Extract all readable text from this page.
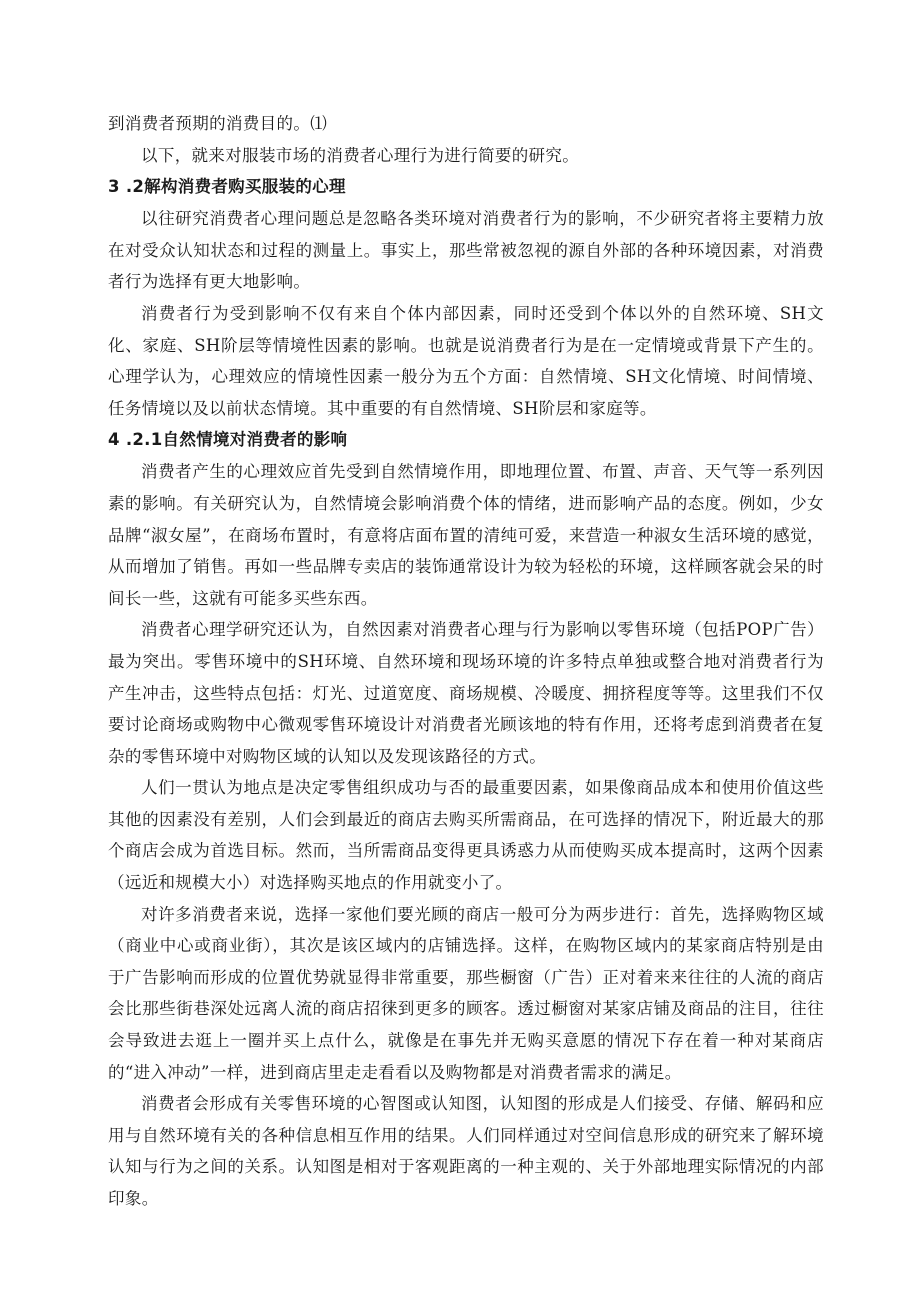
到消费者预期的消费目的。⑴

以下，就来对服装市场的消费者心理行为进行简要的研究。

3 .2解构消费者购买服装的心理

以往研究消费者心理问题总是忽略各类环境对消费者行为的影响，不少研究者将主要精力放在对受众认知状态和过程的测量上。事实上，那些常被忽视的源自外部的各种环境因素，对消费者行为选择有更大地影响。

消费者行为受到影响不仅有来自个体内部因素，同时还受到个体以外的自然环境、SH文化、家庭、SH阶层等情境性因素的影响。也就是说消费者行为是在一定情境或背景下产生的。心理学认为，心理效应的情境性因素一般分为五个方面：自然情境、SH文化情境、时间情境、任务情境以及以前状态情境。其中重要的有自然情境、SH阶层和家庭等。

4 .2.1自然情境对消费者的影响

消费者产生的心理效应首先受到自然情境作用，即地理位置、布置、声音、天气等一系列因素的影响。有关研究认为，自然情境会影响消费个体的情绪，进而影响产品的态度。例如，少女品牌“淑女屋”，在商场布置时，有意将店面布置的清纯可爱，来营造一种淑女生活环境的感觉，从而增加了销售。再如一些品牌专卖店的装饰通常设计为较为轻松的环境，这样顾客就会呆的时间长一些，这就有可能多买些东西。

消费者心理学研究还认为，自然因素对消费者心理与行为影响以零售环境（包括POP广告）最为突出。零售环境中的SH环境、自然环境和现场环境的许多特点单独或整合地对消费者行为产生冲击，这些特点包括：灯光、过道宽度、商场规模、冷暖度、拥挤程度等等。这里我们不仅要讨论商场或购物中心微观零售环境设计对消费者光顾该地的特有作用，还将考虑到消费者在复杂的零售环境中对购物区域的认知以及发现该路径的方式。

人们一贯认为地点是决定零售组织成功与否的最重要因素，如果像商品成本和使用价值这些其他的因素没有差别，人们会到最近的商店去购买所需商品，在可选择的情况下，附近最大的那个商店会成为首选目标。然而，当所需商品变得更具诱惑力从而使购买成本提高时，这两个因素（远近和规模大小）对选择购买地点的作用就变小了。

对许多消费者来说，选择一家他们要光顾的商店一般可分为两步进行：首先，选择购物区域（商业中心或商业街），其次是该区域内的店铺选择。这样，在购物区域内的某家商店特别是由于广告影响而形成的位置优势就显得非常重要，那些橱窗（广告）正对着来来往往的人流的商店会比那些街巷深处远离人流的商店招徕到更多的顾客。透过橱窗对某家店铺及商品的注目，往往会导致进去逛上一圈并买上点什么，就像是在事先并无购买意愿的情况下存在着一种对某商店的“进入冲动”一样，进到商店里走走看看以及购物都是对消费者需求的满足。

消费者会形成有关零售环境的心智图或认知图，认知图的形成是人们接受、存储、解码和应用与自然环境有关的各种信息相互作用的结果。人们同样通过对空间信息形成的研究来了解环境认知与行为之间的关系。认知图是相对于客观距离的一种主观的、关于外部地理实际情况的内部印象。
